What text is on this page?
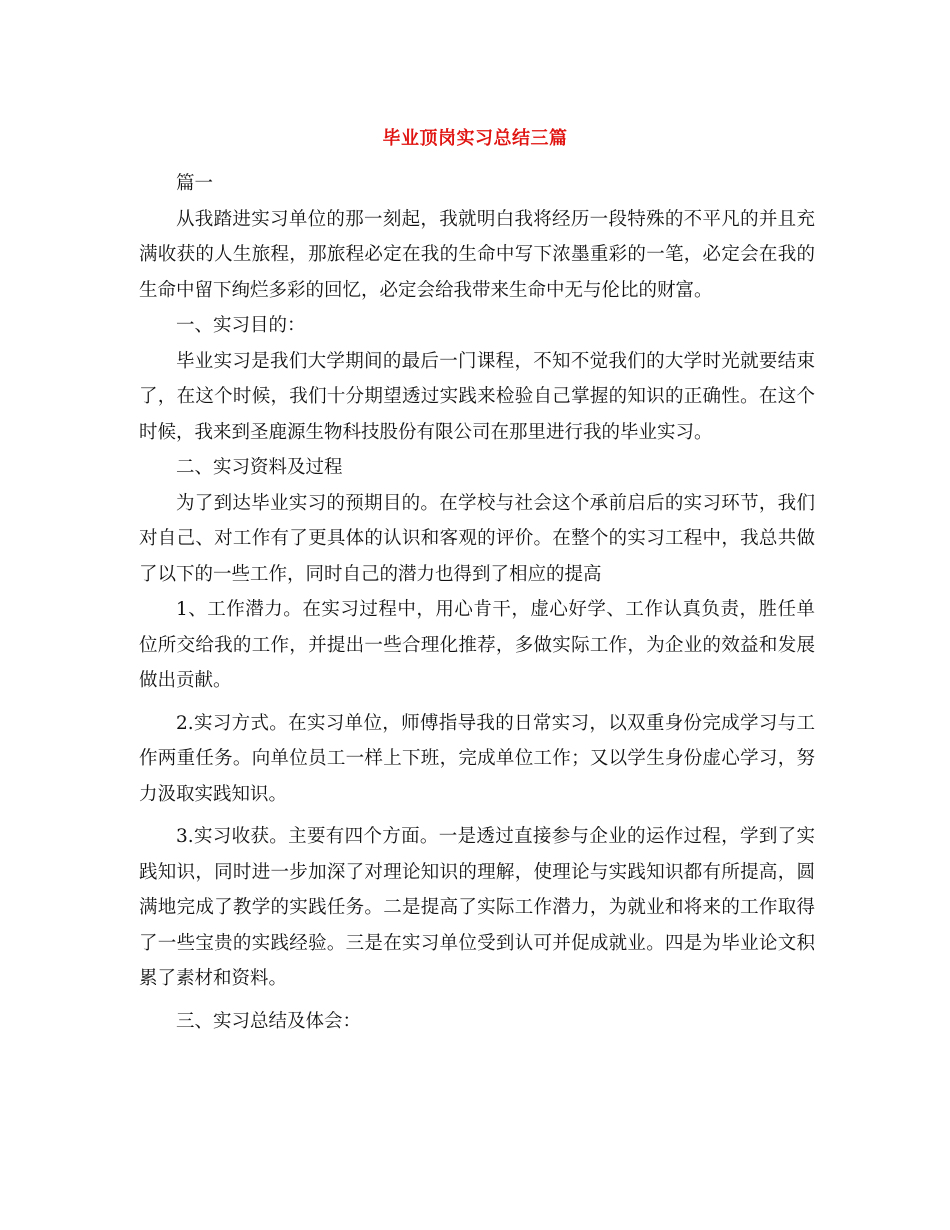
毕业顶岗实习总结三篇

篇一

从我踏进实习单位的那一刻起，我就明白我将经历一段特殊的不平凡的并且充满收获的人生旅程，那旅程必定在我的生命中写下浓墨重彩的一笔，必定会在我的生命中留下绚烂多彩的回忆，必定会给我带来生命中无与伦比的财富。

一、实习目的：

毕业实习是我们大学期间的最后一门课程，不知不觉我们的大学时光就要结束了，在这个时候，我们十分期望透过实践来检验自己掌握的知识的正确性。在这个时候，我来到圣鹿源生物科技股份有限公司在那里进行我的毕业实习。

二、实习资料及过程

为了到达毕业实习的预期目的。在学校与社会这个承前启后的实习环节，我们对自己、对工作有了更具体的认识和客观的评价。在整个的实习工程中，我总共做了以下的一些工作，同时自己的潜力也得到了相应的提高

1、工作潜力。在实习过程中，用心肯干，虚心好学、工作认真负责，胜任单位所交给我的工作，并提出一些合理化推荐，多做实际工作，为企业的效益和发展做出贡献。

2.实习方式。在实习单位，师傅指导我的日常实习，以双重身份完成学习与工作两重任务。向单位员工一样上下班，完成单位工作；又以学生身份虚心学习，努力汲取实践知识。

3.实习收获。主要有四个方面。一是透过直接参与企业的运作过程，学到了实践知识，同时进一步加深了对理论知识的理解，使理论与实践知识都有所提高，圆满地完成了教学的实践任务。二是提高了实际工作潜力，为就业和将来的工作取得了一些宝贵的实践经验。三是在实习单位受到认可并促成就业。四是为毕业论文积累了素材和资料。

三、实习总结及体会：
